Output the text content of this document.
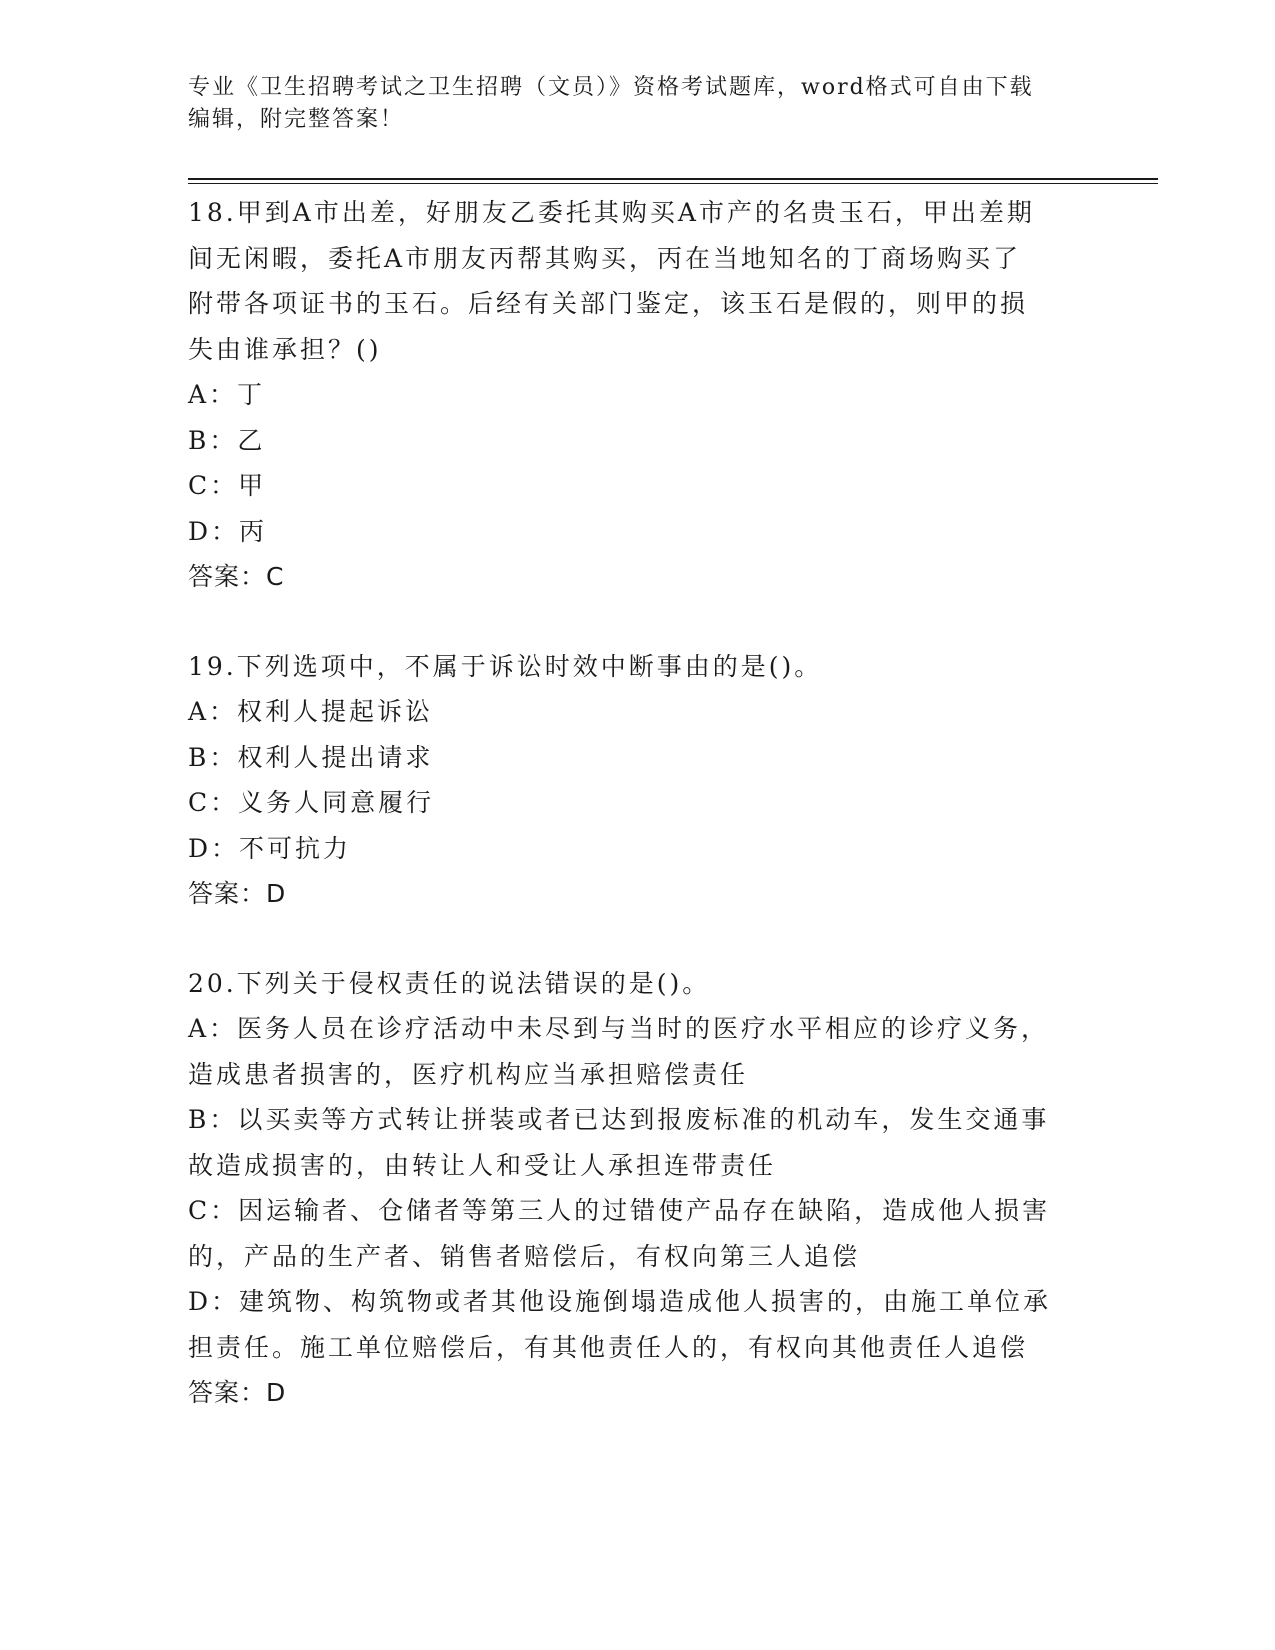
专业《卫生招聘考试之卫生招聘（文员）》资格考试题库，word格式可自由下载
编辑，附完整答案！
18.甲到A市出差，好朋友乙委托其购买A市产的名贵玉石，甲出差期
间无闲暇，委托A市朋友丙帮其购买，丙在当地知名的丁商场购买了
附带各项证书的玉石。后经有关部门鉴定，该玉石是假的，则甲的损
失由谁承担？()
A：丁
B：乙
C：甲
D：丙
答案：C
19.下列选项中，不属于诉讼时效中断事由的是()。
A：权利人提起诉讼
B：权利人提出请求
C：义务人同意履行
D：不可抗力
答案：D
20.下列关于侵权责任的说法错误的是()。
A：医务人员在诊疗活动中未尽到与当时的医疗水平相应的诊疗义务，
造成患者损害的，医疗机构应当承担赔偿责任
B：以买卖等方式转让拼装或者已达到报废标准的机动车，发生交通事
故造成损害的，由转让人和受让人承担连带责任
C：因运输者、仓储者等第三人的过错使产品存在缺陷，造成他人损害
的，产品的生产者、销售者赔偿后，有权向第三人追偿
D：建筑物、构筑物或者其他设施倒塌造成他人损害的，由施工单位承
担责任。施工单位赔偿后，有其他责任人的，有权向其他责任人追偿
答案：D
